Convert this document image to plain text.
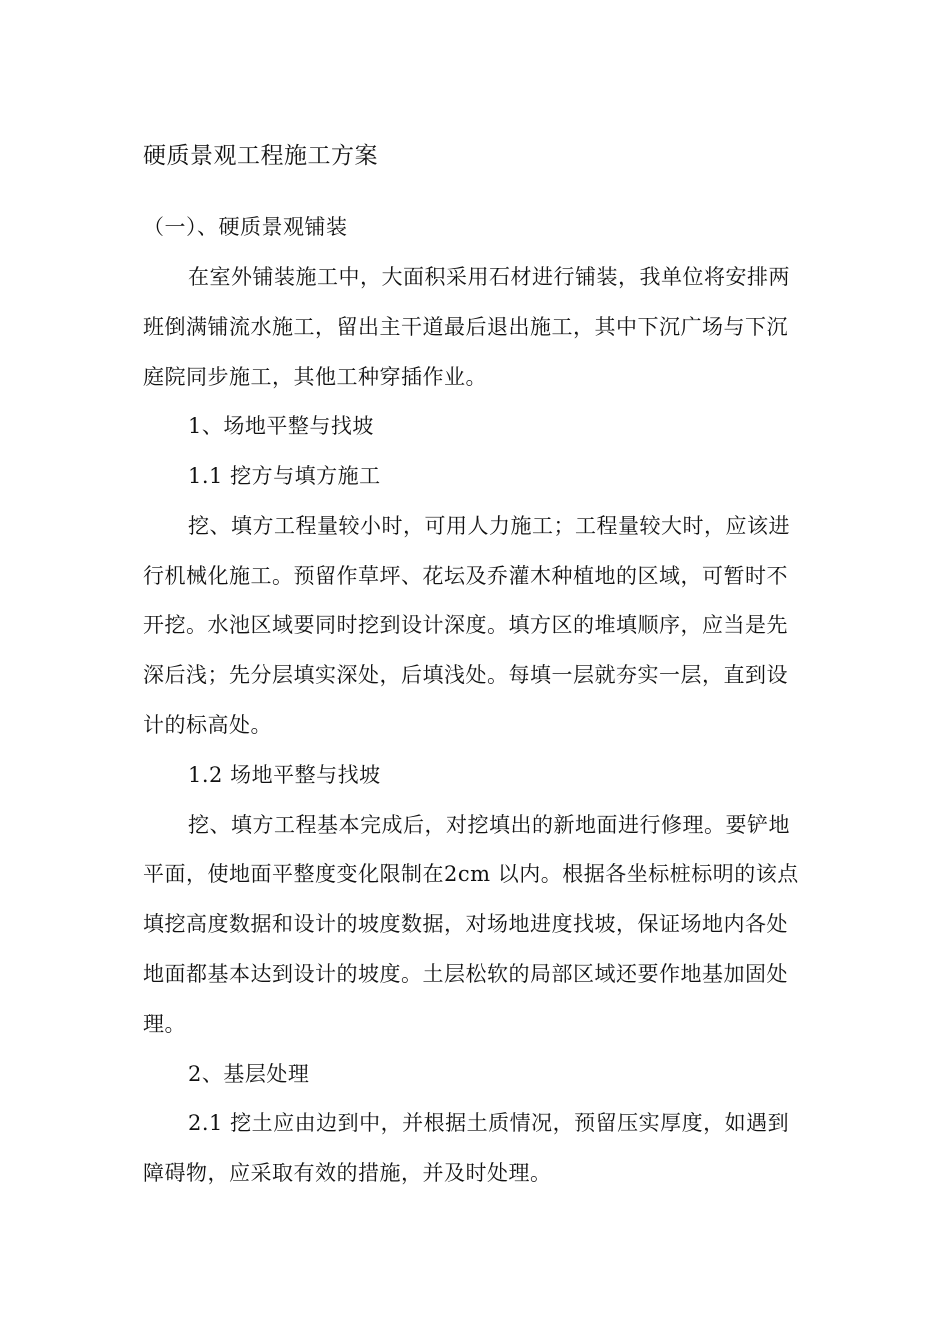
硬质景观工程施工方案
（一）、硬质景观铺装
在室外铺装施工中，大面积采用石材进行铺装，我单位将安排两
班倒满铺流水施工，留出主干道最后退出施工，其中下沉广场与下沉
庭院同步施工，其他工种穿插作业。
1、场地平整与找坡
1.1 挖方与填方施工
挖、填方工程量较小时，可用人力施工；工程量较大时，应该进
行机械化施工。预留作草坪、花坛及乔灌木种植地的区域，可暂时不
开挖。水池区域要同时挖到设计深度。填方区的堆填顺序，应当是先
深后浅；先分层填实深处，后填浅处。每填一层就夯实一层，直到设
计的标高处。
1.2 场地平整与找坡
挖、填方工程基本完成后，对挖填出的新地面进行修理。要铲地
平面，使地面平整度变化限制在2cm 以内。根据各坐标桩标明的该点
填挖高度数据和设计的坡度数据，对场地进度找坡，保证场地内各处
地面都基本达到设计的坡度。土层松软的局部区域还要作地基加固处
理。
2、基层处理
2.1 挖土应由边到中，并根据土质情况，预留压实厚度，如遇到
障碍物，应采取有效的措施，并及时处理。
